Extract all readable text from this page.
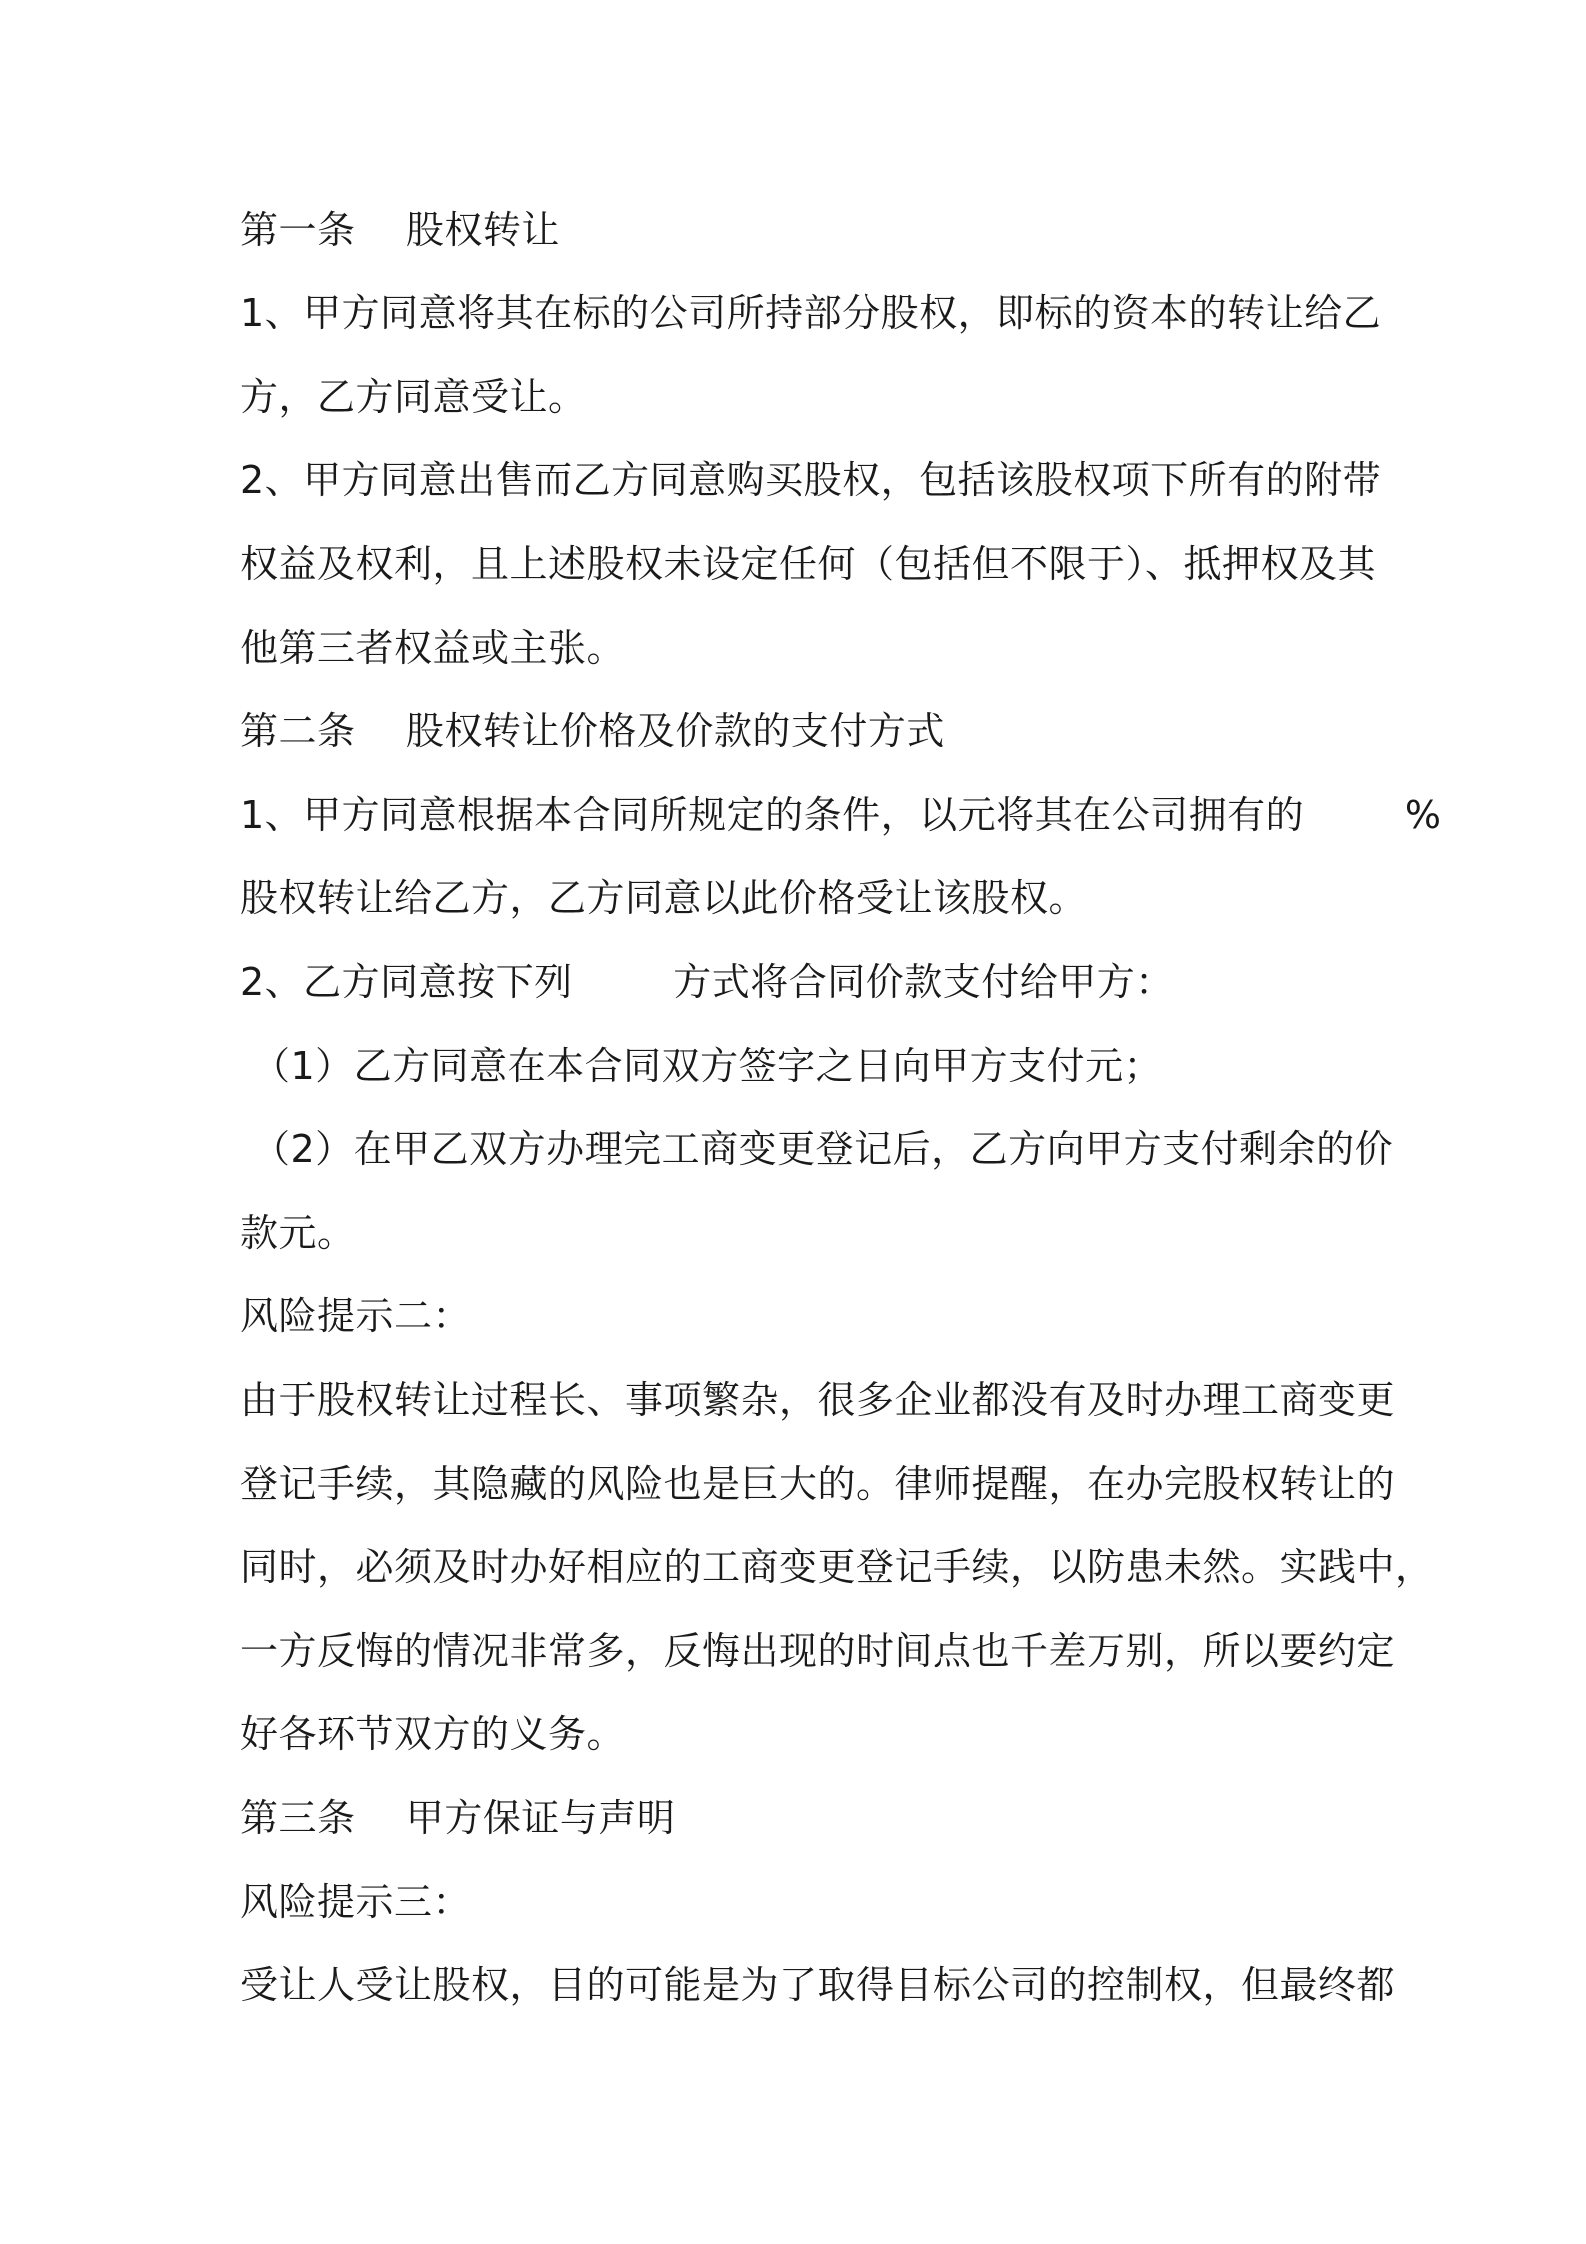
第一条    股权转让
1、甲方同意将其在标的公司所持部分股权，即标的资本的转让给乙
方，乙方同意受让。
2、甲方同意出售而乙方同意购买股权，包括该股权项下所有的附带
权益及权利，且上述股权未设定任何（包括但不限于）、抵押权及其
他第三者权益或主张。
第二条    股权转让价格及价款的支付方式
1、甲方同意根据本合同所规定的条件，以元将其在公司拥有的        %
股权转让给乙方，乙方同意以此价格受让该股权。
2、乙方同意按下列        方式将合同价款支付给甲方：
（1）乙方同意在本合同双方签字之日向甲方支付元；
（2）在甲乙双方办理完工商变更登记后，乙方向甲方支付剩余的价
款元。
风险提示二：
由于股权转让过程长、事项繁杂，很多企业都没有及时办理工商变更
登记手续，其隐藏的风险也是巨大的。律师提醒，在办完股权转让的
同时，必须及时办好相应的工商变更登记手续，以防患未然。实践中，
一方反悔的情况非常多，反悔出现的时间点也千差万别，所以要约定
好各环节双方的义务。
第三条    甲方保证与声明
风险提示三：
受让人受让股权，目的可能是为了取得目标公司的控制权，但最终都
